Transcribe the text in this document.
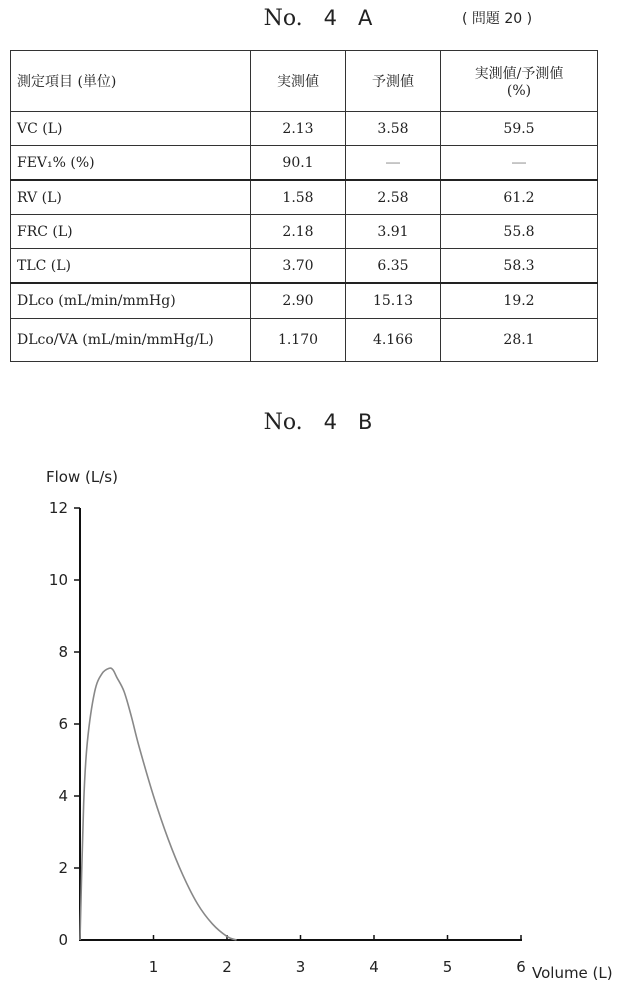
No. 4 A	( 問題 20 )
測定項目 (単位)	実測値	予測値	実測値/予測値
(%)
VC (L)	2.13	3.58	59.5
FEV₁% (%)	90.1	―	―
RV (L)	1.58	2.58	61.2
FRC (L)	2.18	3.91	55.8
TLC (L)	3.70	6.35	58.3
DLco (mL/min/mmHg)	2.90	15.13	19.2
DLco/VA (mL/min/mmHg/L)	1.170	4.166	28.1
No. 4 B
Flow (L/s)
Volume (L)
0
2
4
6
8
10
12
1	2	3	4	5	6
